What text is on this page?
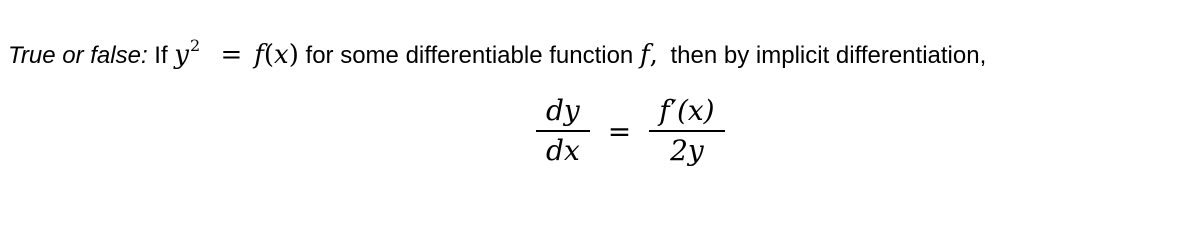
True or false: If $y^2 = f(x)$ for some differentiable function f, then by implicit differentiation,
$\frac{dy}{dx} = \frac{f'(x)}{2y}$
